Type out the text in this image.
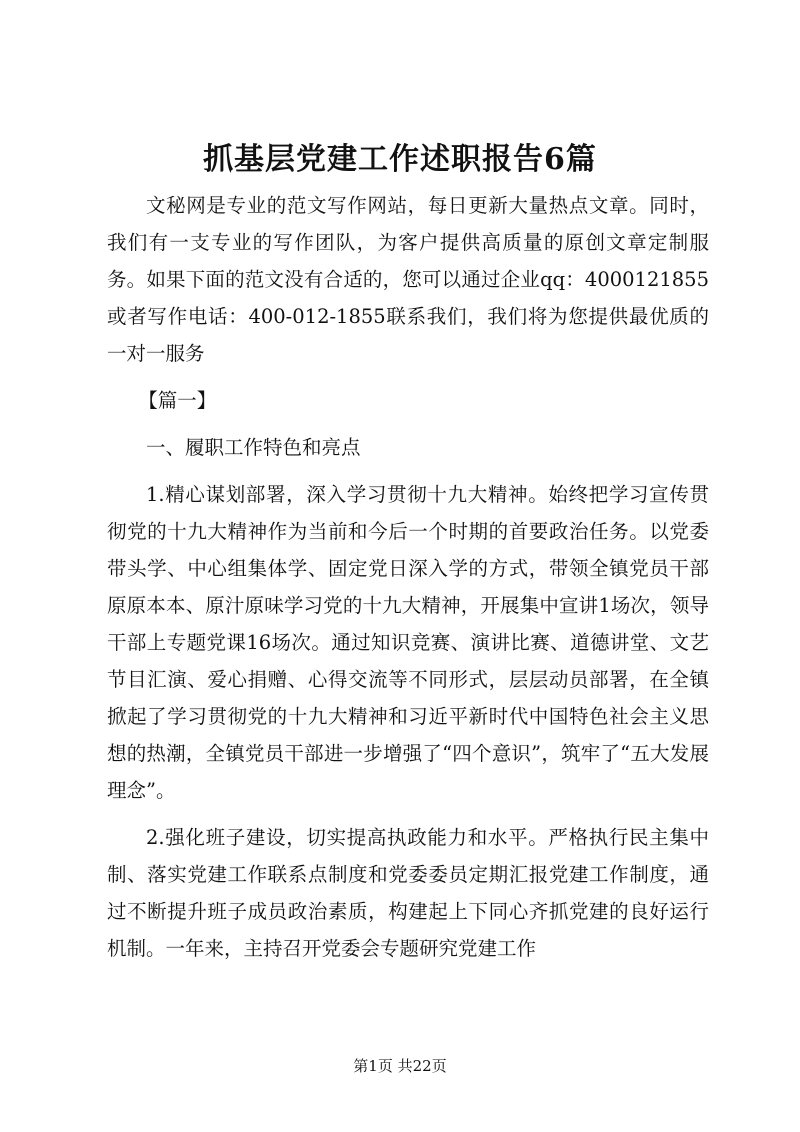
抓基层党建工作述职报告6篇

文秘网是专业的范文写作网站，每日更新大量热点文章。同时，我们有一支专业的写作团队，为客户提供高质量的原创文章定制服务。如果下面的范文没有合适的，您可以通过企业qq：4000121855或者写作电话：400-012-1855联系我们，我们将为您提供最优质的一对一服务

【篇一】

一、履职工作特色和亮点

1.精心谋划部署，深入学习贯彻十九大精神。始终把学习宣传贯彻党的十九大精神作为当前和今后一个时期的首要政治任务。以党委带头学、中心组集体学、固定党日深入学的方式，带领全镇党员干部原原本本、原汁原味学习党的十九大精神，开展集中宣讲1场次，领导干部上专题党课16场次。通过知识竞赛、演讲比赛、道德讲堂、文艺节目汇演、爱心捐赠、心得交流等不同形式，层层动员部署，在全镇掀起了学习贯彻党的十九大精神和习近平新时代中国特色社会主义思想的热潮，全镇党员干部进一步增强了“四个意识”，筑牢了“五大发展理念”。

2.强化班子建设，切实提高执政能力和水平。严格执行民主集中制、落实党建工作联系点制度和党委委员定期汇报党建工作制度，通过不断提升班子成员政治素质，构建起上下同心齐抓党建的良好运行机制。一年来，主持召开党委会专题研究党建工作

第1页 共22页
